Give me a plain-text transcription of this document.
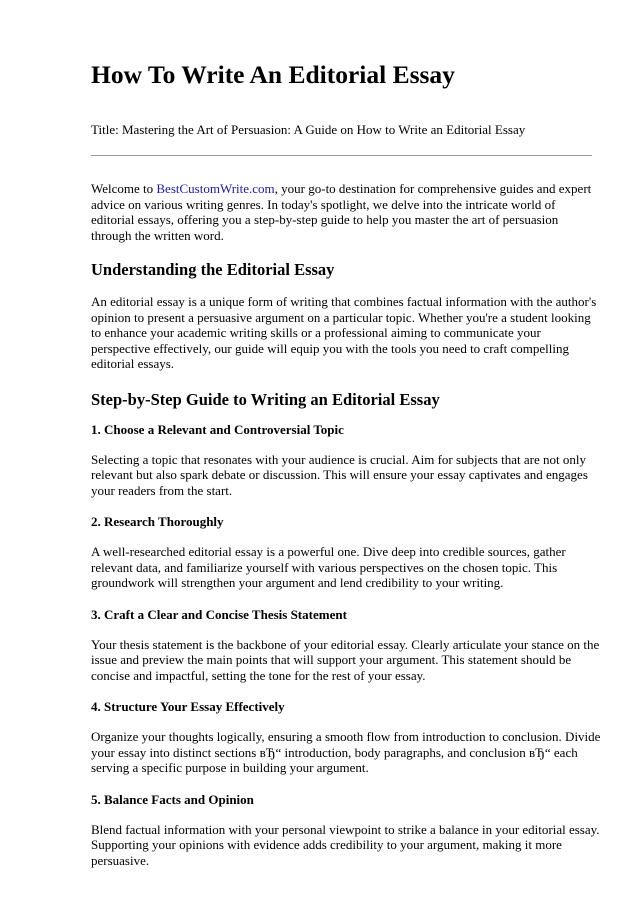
How To Write An Editorial Essay
Title: Mastering the Art of Persuasion: A Guide on How to Write an Editorial Essay

Welcome to BestCustomWrite.com, your go-to destination for comprehensive guides and expert
advice on various writing genres. In today's spotlight, we delve into the intricate world of
editorial essays, offering you a step-by-step guide to help you master the art of persuasion
through the written word.

Understanding the Editorial Essay

An editorial essay is a unique form of writing that combines factual information with the author's
opinion to present a persuasive argument on a particular topic. Whether you're a student looking
to enhance your academic writing skills or a professional aiming to communicate your
perspective effectively, our guide will equip you with the tools you need to craft compelling
editorial essays.

Step-by-Step Guide to Writing an Editorial Essay
1. Choose a Relevant and Controversial Topic

Selecting a topic that resonates with your audience is crucial. Aim for subjects that are not only
relevant but also spark debate or discussion. This will ensure your essay captivates and engages
your readers from the start.

2. Research Thoroughly

A well-researched editorial essay is a powerful one. Dive deep into credible sources, gather
relevant data, and familiarize yourself with various perspectives on the chosen topic. This
groundwork will strengthen your argument and lend credibility to your writing.

3. Craft a Clear and Concise Thesis Statement

Your thesis statement is the backbone of your editorial essay. Clearly articulate your stance on the
issue and preview the main points that will support your argument. This statement should be
concise and impactful, setting the tone for the rest of your essay.

4. Structure Your Essay Effectively

Organize your thoughts logically, ensuring a smooth flow from introduction to conclusion. Divide
your essay into distinct sections вЂ“ introduction, body paragraphs, and conclusion вЂ“ each
serving a specific purpose in building your argument.

5. Balance Facts and Opinion

Blend factual information with your personal viewpoint to strike a balance in your editorial essay.
Supporting your opinions with evidence adds credibility to your argument, making it more
persuasive.
